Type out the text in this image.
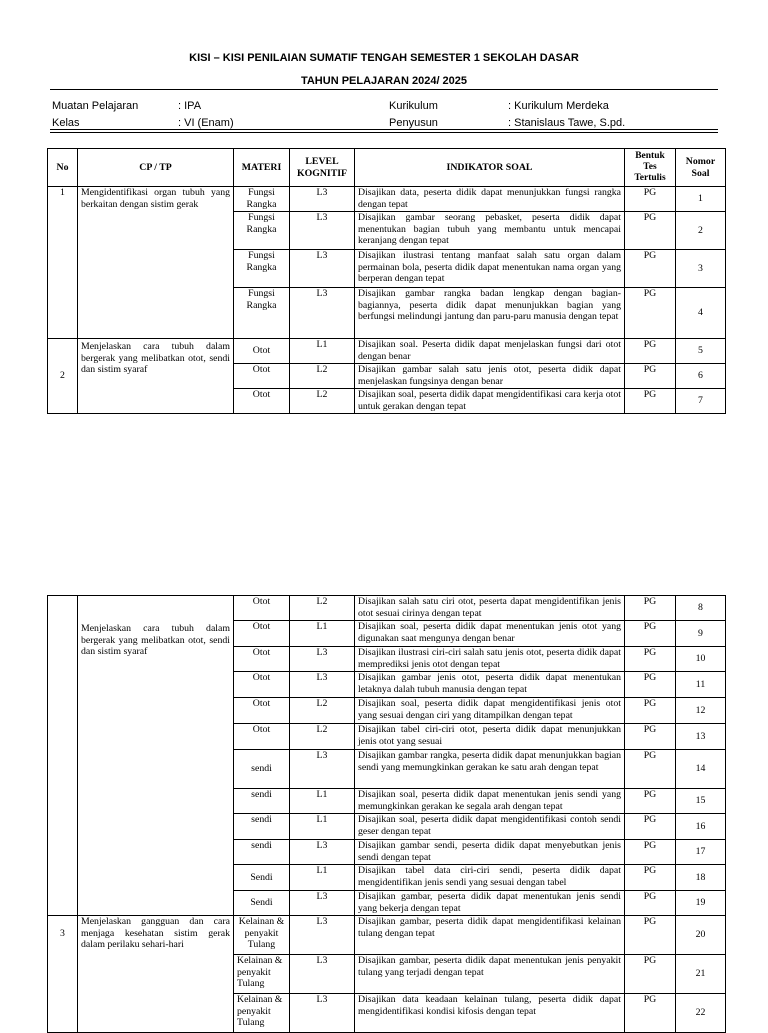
KISI – KISI PENILAIAN SUMATIF TENGAH SEMESTER 1 SEKOLAH DASAR
TAHUN PELAJARAN 2024/ 2025
Muatan Pelajaran	: IPA	Kurikulum	: Kurikulum Merdeka
Kelas	: VI (Enam)	Penyusun	: Stanislaus Tawe, S.pd.
No	CP / TP	MATERI	LEVEL KOGNITIF	INDIKATOR SOAL	Bentuk Tes Tertulis	Nomor Soal
1	Mengidentifikasi organ tubuh yang berkaitan dengan sistim gerak	Fungsi Rangka	L3	Disajikan data, peserta didik dapat menunjukkan fungsi rangka dengan tepat	PG	1
		Fungsi Rangka	L3	Disajikan gambar seorang pebasket, peserta didik dapat menentukan bagian tubuh yang membantu untuk mencapai keranjang dengan tepat	PG	2
		Fungsi Rangka	L3	Disajikan ilustrasi tentang manfaat salah satu organ dalam permainan bola, peserta didik dapat menentukan nama organ yang berperan dengan tepat	PG	3
		Fungsi Rangka	L3	Disajikan gambar rangka badan lengkap dengan bagian-bagiannya, peserta didik dapat menunjukkan bagian yang berfungsi melindungi jantung dan paru-paru manusia dengan tepat	PG	4
2	Menjelaskan cara tubuh dalam bergerak yang melibatkan otot, sendi dan sistim syaraf	Otot	L1	Disajikan soal. Peserta didik dapat menjelaskan fungsi dari otot dengan benar	PG	5
		Otot	L2	Disajikan gambar salah satu jenis otot, peserta didik dapat menjelaskan fungsinya dengan benar	PG	6
		Otot	L2	Disajikan soal, peserta didik dapat mengidentifikasi cara kerja otot untuk gerakan dengan tepat	PG	7
	Menjelaskan cara tubuh dalam bergerak yang melibatkan otot, sendi dan sistim syaraf	Otot	L2	Disajikan salah satu ciri otot, peserta dapat mengidentifikan jenis otot sesuai cirinya dengan tepat	PG	8
		Otot	L1	Disajikan soal, peserta didik dapat menentukan jenis otot yang digunakan saat mengunya dengan benar	PG	9
		Otot	L3	Disajikan ilustrasi ciri-ciri salah satu jenis otot, peserta didik dapat memprediksi jenis otot dengan tepat	PG	10
		Otot	L3	Disajikan gambar jenis otot, peserta didik dapat menentukan letaknya dalah tubuh manusia dengan tepat	PG	11
		Otot	L2	Disajikan soal, peserta didik dapat mengidentifikasi jenis otot yang sesuai dengan ciri yang ditampilkan dengan tepat	PG	12
		Otot	L2	Disajikan tabel ciri-ciri otot, peserta didik dapat menunjukkan jenis otot yang sesuai	PG	13
		sendi	L3	Disajikan gambar rangka, peserta didik dapat menunjukkan bagian sendi yang memungkinkan gerakan ke satu arah dengan tepat	PG	14
		sendi	L1	Disajikan soal, peserta didik dapat menentukan jenis sendi yang memungkinkan gerakan ke segala arah dengan tepat	PG	15
		sendi	L1	Disajikan soal, peserta didik dapat mengidentifikasi contoh sendi geser dengan tepat	PG	16
		sendi	L3	Disajikan gambar sendi, peserta didik dapat menyebutkan jenis sendi dengan tepat	PG	17
		Sendi	L1	Disajikan tabel data ciri-ciri sendi, peserta didik dapat mengidentifikan jenis sendi yang sesuai dengan tabel	PG	18
		Sendi	L3	Disajikan gambar, peserta didik dapat menentukan jenis sendi yang bekerja dengan tepat	PG	19
3	Menjelaskan gangguan dan cara menjaga kesehatan sistim gerak dalam perilaku sehari-hari	Kelainan & penyakit Tulang	L3	Disajikan gambar, peserta didik dapat mengidentifikasi kelainan tulang dengan tepat	PG	20
		Kelainan & penyakit Tulang	L3	Disajikan gambar, peserta didik dapat menentukan jenis penyakit tulang yang terjadi dengan tepat	PG	21
		Kelainan & penyakit Tulang	L3	Disajikan data keadaan kelainan tulang, peserta didik dapat mengidentifikasi kondisi kifosis dengan tepat	PG	22
